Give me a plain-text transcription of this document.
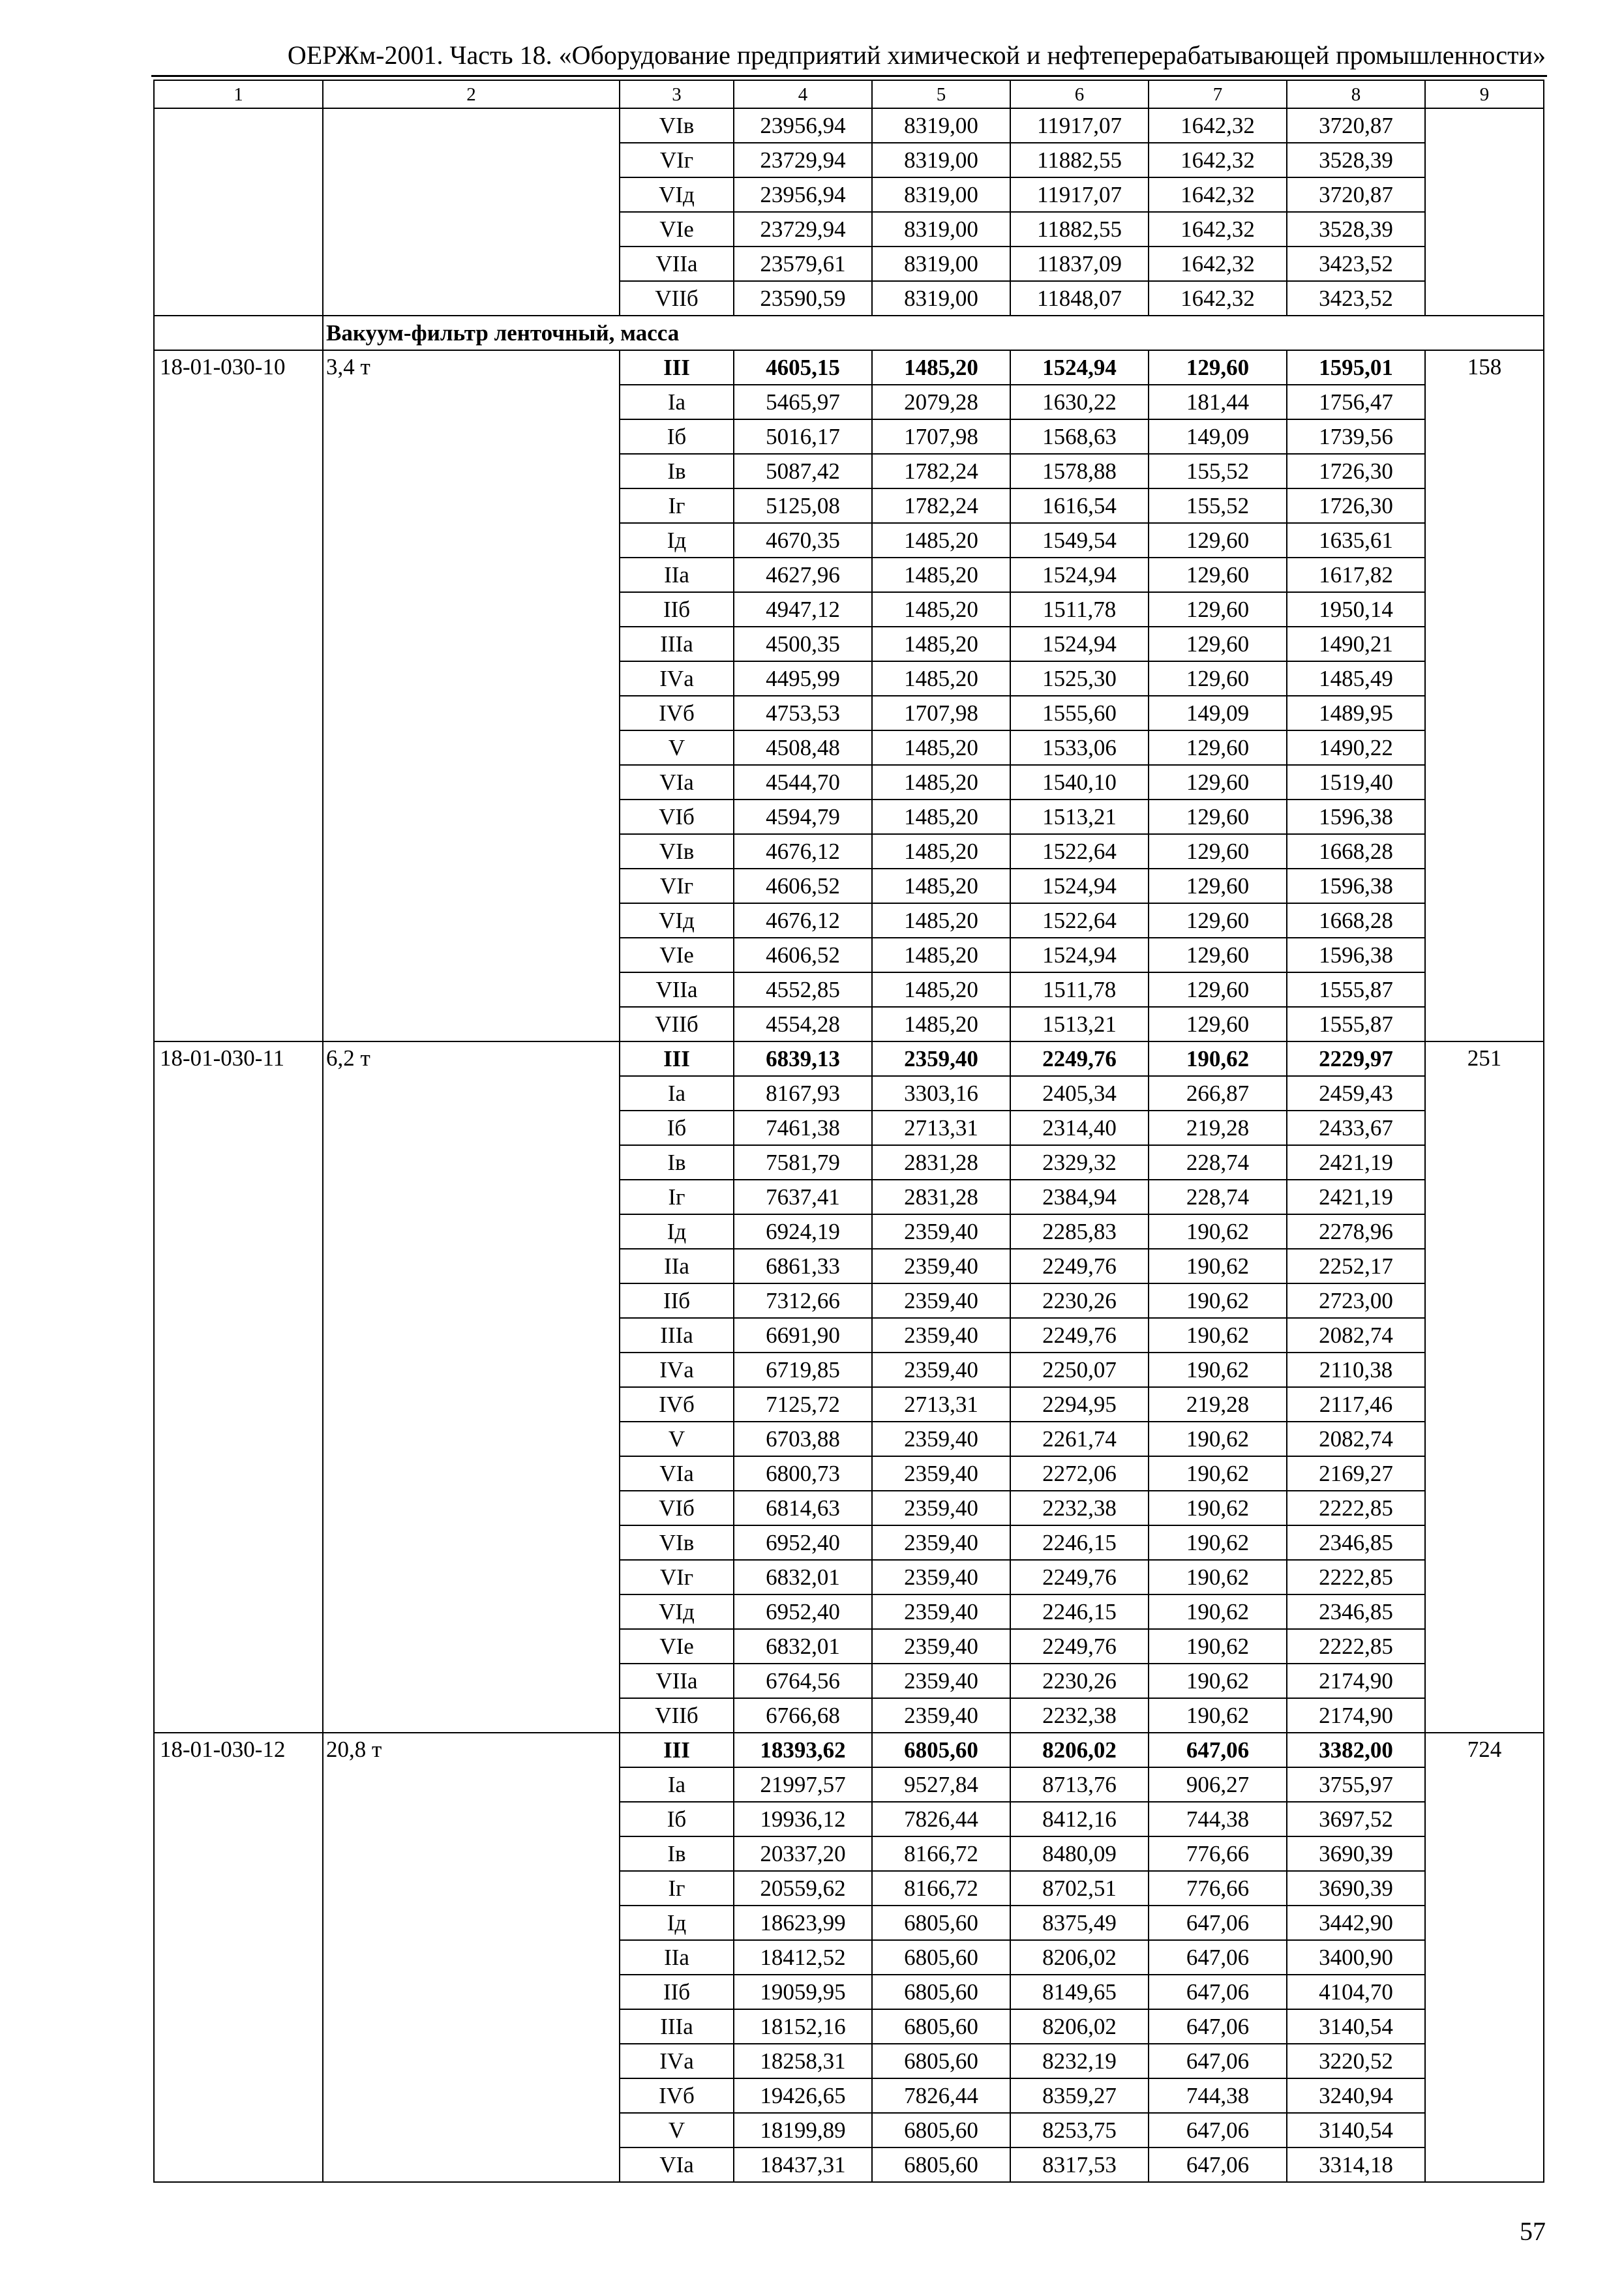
ОЕРЖм-2001. Часть 18. «Оборудование предприятий химической и нефтеперерабатывающей промышленности»
1	2	3	4	5	6	7	8	9
		VIв	23956,94	8319,00	11917,07	1642,32	3720,87	
		VIг	23729,94	8319,00	11882,55	1642,32	3528,39	
		VIд	23956,94	8319,00	11917,07	1642,32	3720,87	
		VIе	23729,94	8319,00	11882,55	1642,32	3528,39	
		VIIа	23579,61	8319,00	11837,09	1642,32	3423,52	
		VIIб	23590,59	8319,00	11848,07	1642,32	3423,52	
	Вакуум-фильтр ленточный, масса							
18-01-030-10	3,4 т	III	4605,15	1485,20	1524,94	129,60	1595,01	158
		Iа	5465,97	2079,28	1630,22	181,44	1756,47	
		Iб	5016,17	1707,98	1568,63	149,09	1739,56	
		Iв	5087,42	1782,24	1578,88	155,52	1726,30	
		Iг	5125,08	1782,24	1616,54	155,52	1726,30	
		Iд	4670,35	1485,20	1549,54	129,60	1635,61	
		IIа	4627,96	1485,20	1524,94	129,60	1617,82	
		IIб	4947,12	1485,20	1511,78	129,60	1950,14	
		IIIа	4500,35	1485,20	1524,94	129,60	1490,21	
		IVа	4495,99	1485,20	1525,30	129,60	1485,49	
		IVб	4753,53	1707,98	1555,60	149,09	1489,95	
		V	4508,48	1485,20	1533,06	129,60	1490,22	
		VIа	4544,70	1485,20	1540,10	129,60	1519,40	
		VIб	4594,79	1485,20	1513,21	129,60	1596,38	
		VIв	4676,12	1485,20	1522,64	129,60	1668,28	
		VIг	4606,52	1485,20	1524,94	129,60	1596,38	
		VIд	4676,12	1485,20	1522,64	129,60	1668,28	
		VIе	4606,52	1485,20	1524,94	129,60	1596,38	
		VIIа	4552,85	1485,20	1511,78	129,60	1555,87	
		VIIб	4554,28	1485,20	1513,21	129,60	1555,87	
18-01-030-11	6,2 т	III	6839,13	2359,40	2249,76	190,62	2229,97	251
		Iа	8167,93	3303,16	2405,34	266,87	2459,43	
		Iб	7461,38	2713,31	2314,40	219,28	2433,67	
		Iв	7581,79	2831,28	2329,32	228,74	2421,19	
		Iг	7637,41	2831,28	2384,94	228,74	2421,19	
		Iд	6924,19	2359,40	2285,83	190,62	2278,96	
		IIа	6861,33	2359,40	2249,76	190,62	2252,17	
		IIб	7312,66	2359,40	2230,26	190,62	2723,00	
		IIIа	6691,90	2359,40	2249,76	190,62	2082,74	
		IVа	6719,85	2359,40	2250,07	190,62	2110,38	
		IVб	7125,72	2713,31	2294,95	219,28	2117,46	
		V	6703,88	2359,40	2261,74	190,62	2082,74	
		VIа	6800,73	2359,40	2272,06	190,62	2169,27	
		VIб	6814,63	2359,40	2232,38	190,62	2222,85	
		VIв	6952,40	2359,40	2246,15	190,62	2346,85	
		VIг	6832,01	2359,40	2249,76	190,62	2222,85	
		VIд	6952,40	2359,40	2246,15	190,62	2346,85	
		VIе	6832,01	2359,40	2249,76	190,62	2222,85	
		VIIа	6764,56	2359,40	2230,26	190,62	2174,90	
		VIIб	6766,68	2359,40	2232,38	190,62	2174,90	
18-01-030-12	20,8 т	III	18393,62	6805,60	8206,02	647,06	3382,00	724
		Iа	21997,57	9527,84	8713,76	906,27	3755,97	
		Iб	19936,12	7826,44	8412,16	744,38	3697,52	
		Iв	20337,20	8166,72	8480,09	776,66	3690,39	
		Iг	20559,62	8166,72	8702,51	776,66	3690,39	
		Iд	18623,99	6805,60	8375,49	647,06	3442,90	
		IIа	18412,52	6805,60	8206,02	647,06	3400,90	
		IIб	19059,95	6805,60	8149,65	647,06	4104,70	
		IIIа	18152,16	6805,60	8206,02	647,06	3140,54	
		IVа	18258,31	6805,60	8232,19	647,06	3220,52	
		IVб	19426,65	7826,44	8359,27	744,38	3240,94	
		V	18199,89	6805,60	8253,75	647,06	3140,54	
		VIа	18437,31	6805,60	8317,53	647,06	3314,18	
57
